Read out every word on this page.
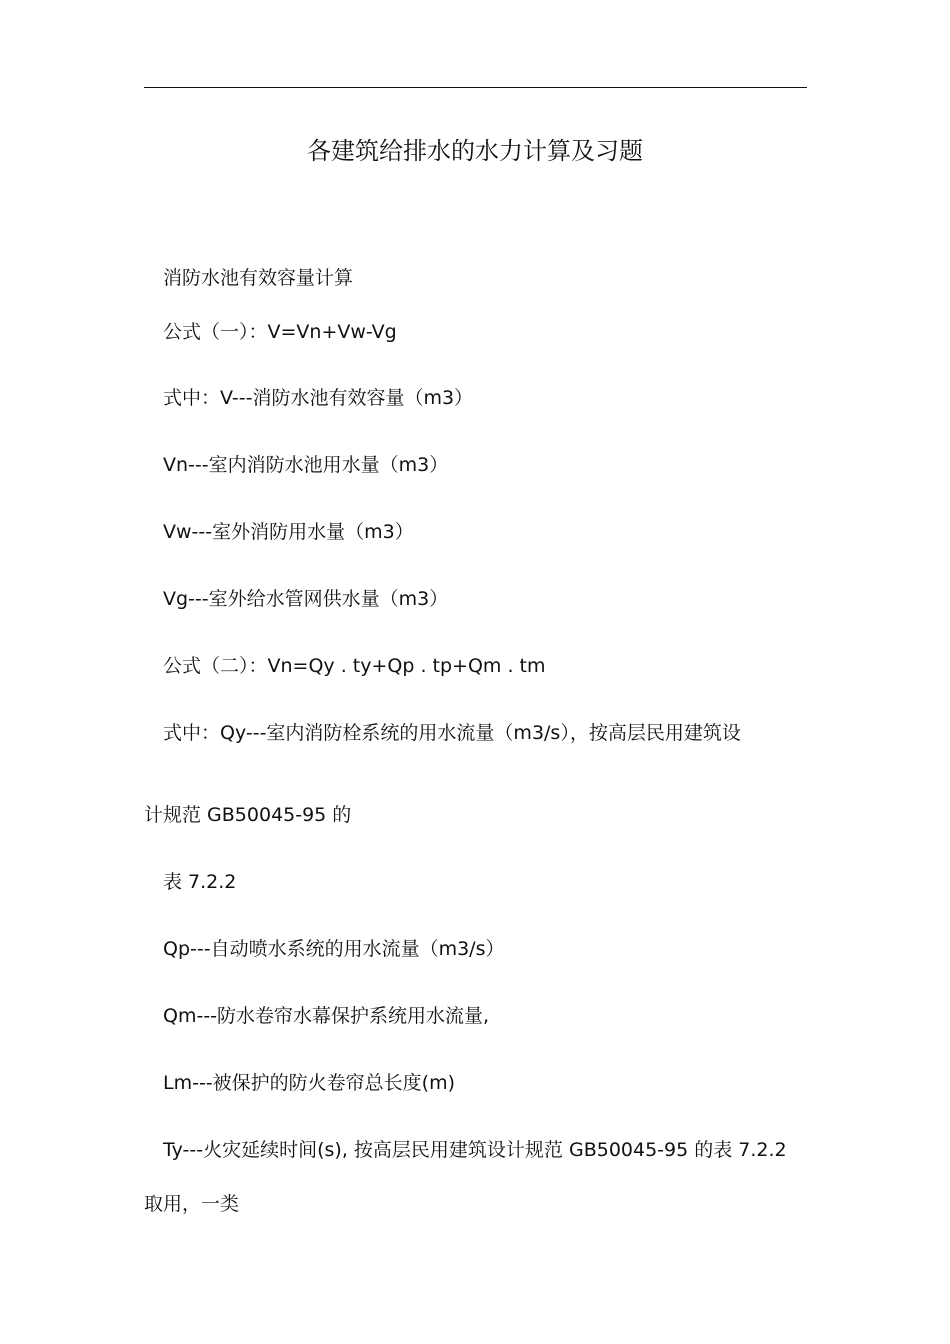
各建筑给排水的水力计算及习题
消防水池有效容量计算
公式（一）：V=Vn+Vw-Vg
式中：V---消防水池有效容量（m3）
Vn---室内消防水池用水量（m3）
Vw---室外消防用水量（m3）
Vg---室外给水管网供水量（m3）
公式（二）：Vn=Qy . ty+Qp . tp+Qm . tm
式中：Qy---室内消防栓系统的用水流量（m3/s），按高层民用建筑设
计规范 GB50045-95 的
表 7.2.2
Qp---自动喷水系统的用水流量（m3/s）
Qm---防水卷帘水幕保护系统用水流量,
Lm---被保护的防火卷帘总长度(m)
Ty---火灾延续时间(s), 按高层民用建筑设计规范 GB50045-95 的表 7.2.2
取用，一类
